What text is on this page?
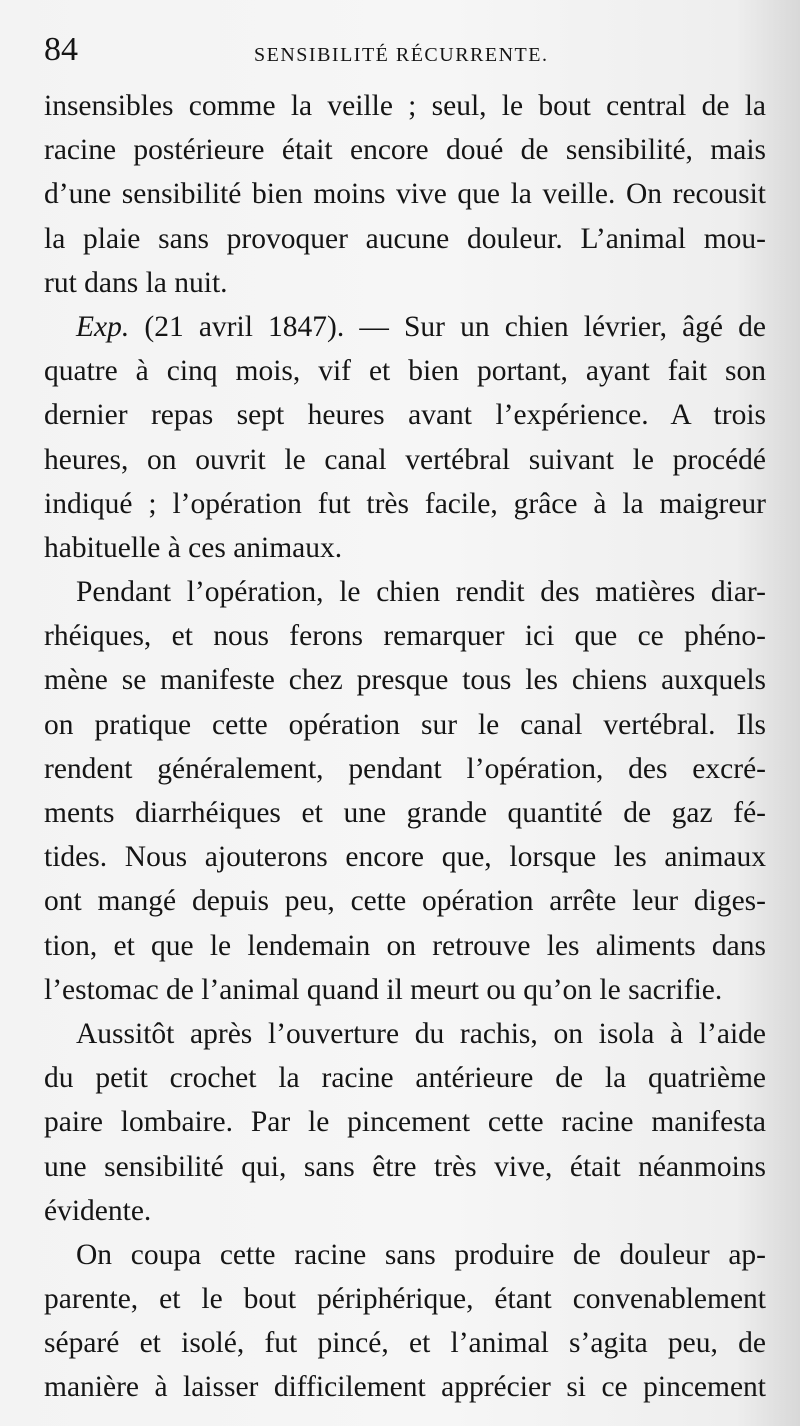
84	SENSIBILITÉ RÉCURRENTE.
insensibles comme la veille ; seul, le bout central de la
racine postérieure était encore doué de sensibilité, mais
d’une sensibilité bien moins vive que la veille. On recousit
la plaie sans provoquer aucune douleur. L’animal mou-
rut dans la nuit.
Exp. (21 avril 1847). — Sur un chien lévrier, âgé de
quatre à cinq mois, vif et bien portant, ayant fait son
dernier repas sept heures avant l’expérience. A trois
heures, on ouvrit le canal vertébral suivant le procédé
indiqué ; l’opération fut très facile, grâce à la maigreur
habituelle à ces animaux.
Pendant l’opération, le chien rendit des matières diar-
rhéiques, et nous ferons remarquer ici que ce phéno-
mène se manifeste chez presque tous les chiens auxquels
on pratique cette opération sur le canal vertébral. Ils
rendent généralement, pendant l’opération, des excré-
ments diarrhéiques et une grande quantité de gaz fé-
tides. Nous ajouterons encore que, lorsque les animaux
ont mangé depuis peu, cette opération arrête leur diges-
tion, et que le lendemain on retrouve les aliments dans
l’estomac de l’animal quand il meurt ou qu’on le sacrifie.
Aussitôt après l’ouverture du rachis, on isola à l’aide
du petit crochet la racine antérieure de la quatrième
paire lombaire. Par le pincement cette racine manifesta
une sensibilité qui, sans être très vive, était néanmoins
évidente.
On coupa cette racine sans produire de douleur ap-
parente, et le bout périphérique, étant convenablement
séparé et isolé, fut pincé, et l’animal s’agita peu, de
manière à laisser difficilement apprécier si ce pincement
